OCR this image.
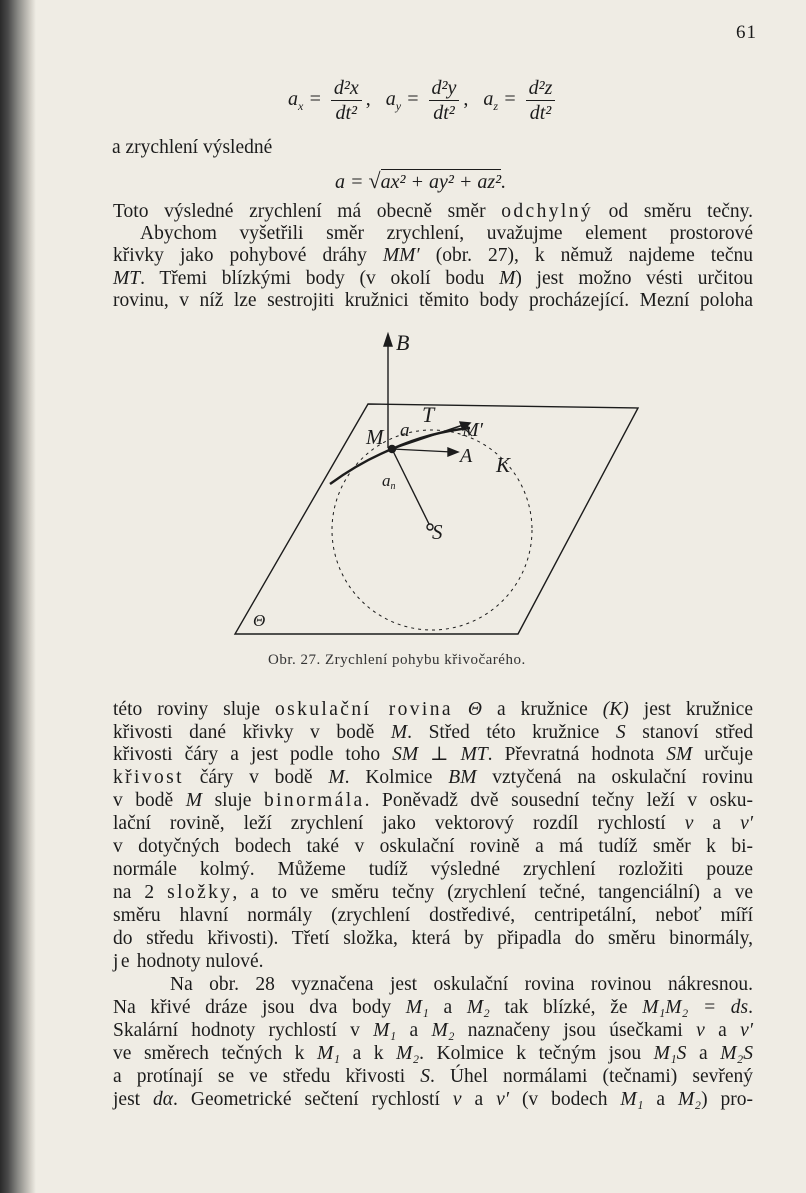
61
$a_x = \frac{\text{d²x}}{\text{dt²}}$ , $a_y = \frac{\text{d²y}}{\text{dt²}}$ , $a_z = \frac{\text{d²z}}{\text{dt²}}$
a zrychlení výsledné
a = √ax² + ay² + az².
Toto výsledné zrychlení má obecně směr odchylný od směru tečny.
Abychom vyšetřili směr zrychlení, uvažujme element prostorové
křivky jako pohybové dráhy MM′ (obr. 27), k němuž najdeme tečnu
MT. Třemi blízkými body (v okolí bodu M) jest možno vésti určitou
rovinu, v níž lze sestrojiti kružnici těmito body procházející. Mezní poloha
B
T
M a	M′
A K
an
S
Θ
Obr. 27. Zrychlení pohybu křivočarého.
této roviny sluje oskulační rovina Θ a kružnice (K) jest kružnice
křivosti dané křivky v bodě M. Střed této kružnice S stanoví střed
křivosti čáry a jest podle toho SM ⊥ MT. Převratná hodnota SM určuje
křivost čáry v bodě M. Kolmice BM vztyčená na oskulační rovinu
v bodě M sluje binormála. Poněvadž dvě sousední tečny leží v osku-
lační rovině, leží zrychlení jako vektorový rozdíl rychlostí v a v′
v dotyčných bodech také v oskulační rovině a má tudíž směr k bi-
normále kolmý. Můžeme tudíž výsledné zrychlení rozložiti pouze
na 2 složky, a to ve směru tečny (zrychlení tečné, tangenciální) a ve
směru hlavní normály (zrychlení dostředivé, centripetální, neboť míří
do středu křivosti). Třetí složka, která by připadla do směru binormály,
je hodnoty nulové.
Na obr. 28 vyznačena jest oskulační rovina rovinou nákresnou.
Na křivé dráze jsou dva body M₁ a M₂ tak blízké, že M₁M₂ = ds.
Skalární hodnoty rychlostí v M₁ a M₂ naznačeny jsou úsečkami v a v′
ve směrech tečných k M₁ a k M₂. Kolmice k tečným jsou M₁S a M₂S
a protínají se ve středu křivosti S. Úhel normálami (tečnami) sevřený
jest dα. Geometrické sečtení rychlostí v a v′ (v bodech M₁ a M₂) pro-
